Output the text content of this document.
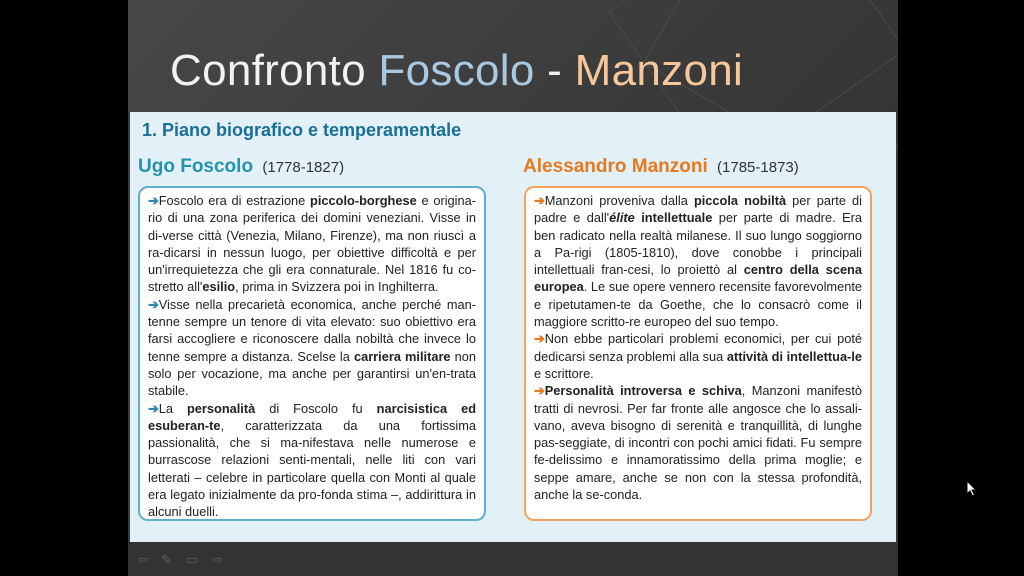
Confronto Foscolo - Manzoni
1. Piano biografico e temperamentale
Ugo Foscolo (1778-1827)	Alessandro Manzoni (1785-1873)

➔Foscolo era di estrazione piccolo-borghese e origina-rio di una zona periferica dei domini veneziani. Visse in di-verse città (Venezia, Milano, Firenze), ma non riuscì a ra-dicarsi in nessun luogo, per obiettive difficoltà e per un'irrequietezza che gli era connaturale. Nel 1816 fu co-stretto all'esilio, prima in Svizzera poi in Inghilterra.

➔Visse nella precarietà economica, anche perché man-tenne sempre un tenore di vita elevato: suo obiettivo era farsi accogliere e riconoscere dalla nobiltà che invece lo tenne sempre a distanza. Scelse la carriera militare non solo per vocazione, ma anche per garantirsi un'en-trata stabile.

➔La personalità di Foscolo fu narcisistica ed esuberan-te, caratterizzata da una fortissima passionalità, che si ma-nifestava nelle numerose e burrascose relazioni senti-mentali, nelle liti con vari letterati – celebre in particolare quella con Monti al quale era legato inizialmente da pro-fonda stima –, addirittura in alcuni duelli.

➔Manzoni proveniva dalla piccola nobiltà per parte di padre e dall'élite intellettuale per parte di madre. Era ben radicato nella realtà milanese. Il suo lungo soggiorno a Pa-rigi (1805-1810), dove conobbe i principali intellettuali fran-cesi, lo proiettò al centro della scena europea. Le sue opere vennero recensite favorevolmente e ripetutamen-te da Goethe, che lo consacrò come il maggiore scritto-re europeo del suo tempo.

➔Non ebbe particolari problemi economici, per cui poté dedicarsi senza problemi alla sua attività di intellettua-le e scrittore.

➔Personalità introversa e schiva, Manzoni manifestò tratti di nevrosi. Per far fronte alle angosce che lo assali-vano, aveva bisogno di serenità e tranquillità, di lunghe pas-seggiate, di incontri con pochi amici fidati. Fu sempre fe-delissimo e innamoratissimo della prima moglie; e seppe amare, anche se non con la stessa profondità, anche la se-conda.

⇦ ✎ ▭ ⇨
